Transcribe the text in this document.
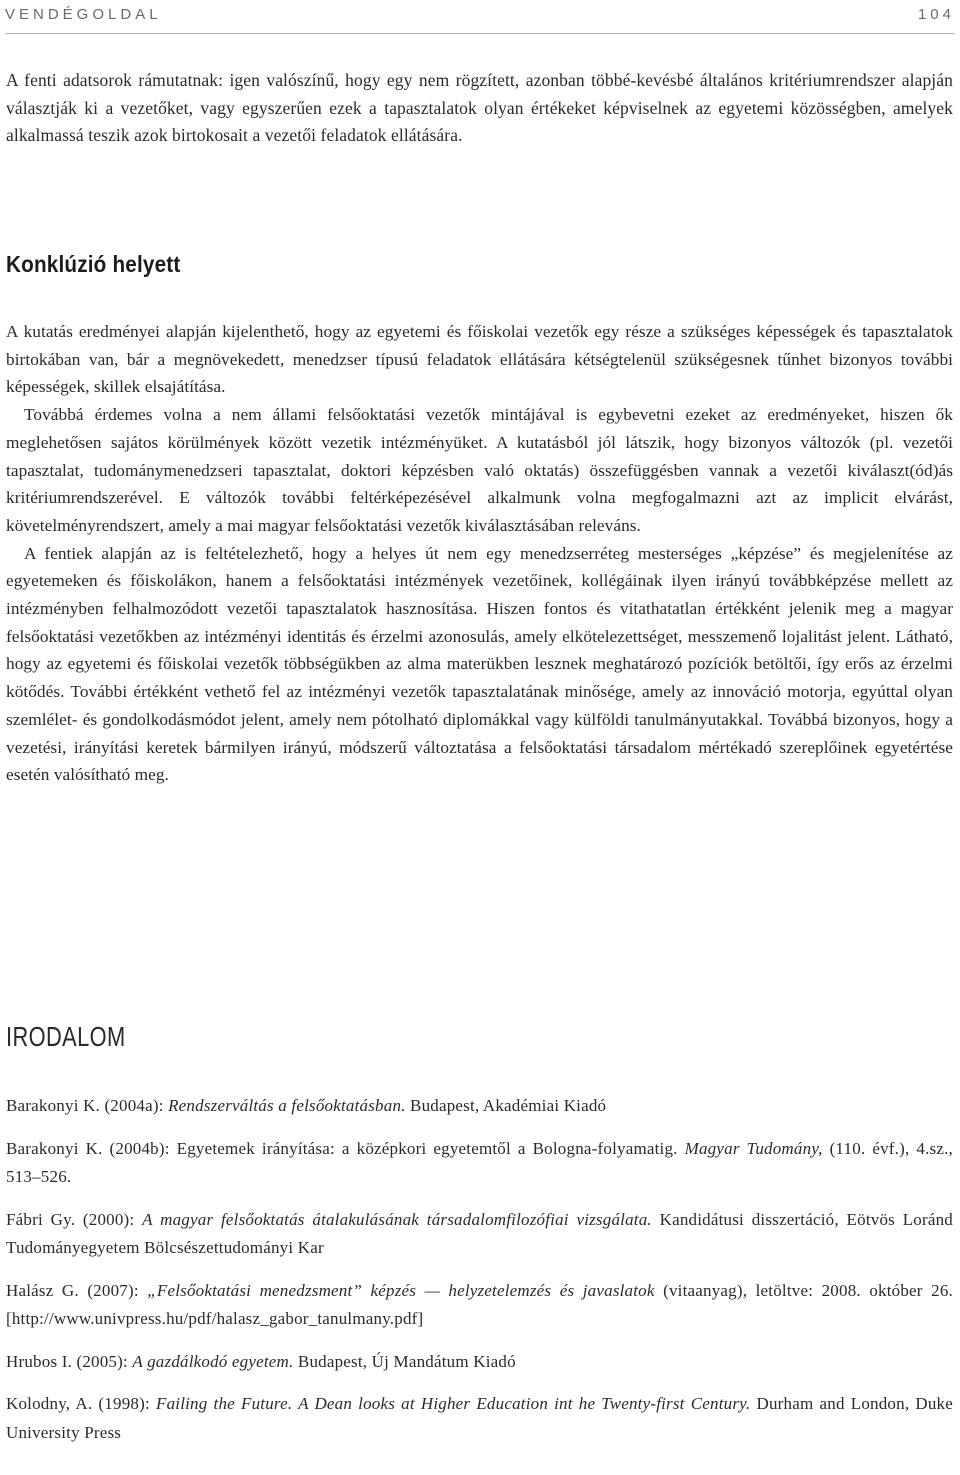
VENDÉGOLDAL	104

A fenti adatsorok rámutatnak: igen valószínű, hogy egy nem rögzített, azonban többé-kevésbé általános kritériumrendszer alapján választják ki a vezetőket, vagy egyszerűen ezek a tapasztalatok olyan értékeket képviselnek az egyetemi közösségben, amelyek alkalmassá teszik azok birtokosait a vezetői feladatok ellátására.

Konklúzió helyett

A kutatás eredményei alapján kijelenthető, hogy az egyetemi és főiskolai vezetők egy része a szükséges képességek és tapasztalatok birtokában van, bár a megnövekedett, menedzser típusú feladatok ellátására kétségtelenül szükségesnek tűnhet bizonyos további képességek, skillek elsajátítása.

Továbbá érdemes volna a nem állami felsőoktatási vezetők mintájával is egybevetni ezeket az eredményeket, hiszen ők meglehetősen sajátos körülmények között vezetik intézményüket. A kutatásból jól látszik, hogy bizonyos változók (pl. vezetői tapasztalat, tudománymenedzseri tapasztalat, doktori képzésben való oktatás) összefüggésben vannak a vezetői kiválaszt(ód)ás kritériumrendszerével. E változók további feltérképezésével alkalmunk volna megfogalmazni azt az implicit elvárást, követelményrendszert, amely a mai magyar felsőoktatási vezetők kiválasztásában releváns.

A fentiek alapján az is feltételezhető, hogy a helyes út nem egy menedzserréteg mesterséges „képzése” és megjelenítése az egyetemeken és főiskolákon, hanem a felsőoktatási intézmények vezetőinek, kollégáinak ilyen irányú továbbképzése mellett az intézményben felhalmozódott vezetői tapasztalatok hasznosítása. Hiszen fontos és vitathatatlan értékként jelenik meg a magyar felsőoktatási vezetőkben az intézményi identitás és érzelmi azonosulás, amely elkötelezettséget, messzemenő lojalitást jelent. Látható, hogy az egyetemi és főiskolai vezetők többségükben az alma materükben lesznek meghatározó pozíciók betöltői, így erős az érzelmi kötődés. További értékként vethető fel az intézményi vezetők tapasztalatának minősége, amely az innováció motorja, egyúttal olyan szemlélet- és gondolkodásmódot jelent, amely nem pótolható diplomákkal vagy külföldi tanulmányutakkal. Továbbá bizonyos, hogy a vezetési, irányítási keretek bármilyen irányú, módszerű változtatása a felsőoktatási társadalom mértékadó szereplőinek egyetértése esetén valósítható meg.

IRODALOM

Barakonyi K. (2004a): Rendszerváltás a felsőoktatásban. Budapest, Akadémiai Kiadó

Barakonyi K. (2004b): Egyetemek irányítása: a középkori egyetemtől a Bologna-folyamatig. Magyar Tudomány, (110. évf.), 4.sz., 513–526.

Fábri Gy. (2000): A magyar felsőoktatás átalakulásának társadalomfilozófiai vizsgálata. Kandidátusi disszertáció, Eötvös Loránd Tudományegyetem Bölcsészettudományi Kar

Halász G. (2007): „Felsőoktatási menedzsment” képzés — helyzetelemzés és javaslatok (vitaanyag), letöltve: 2008. október 26. [http://www.univpress.hu/pdf/halasz_gabor_tanulmany.pdf]

Hrubos I. (2005): A gazdálkodó egyetem. Budapest, Új Mandátum Kiadó

Kolodny, A. (1998): Failing the Future. A Dean looks at Higher Education int he Twenty-first Century. Durham and London, Duke University Press
